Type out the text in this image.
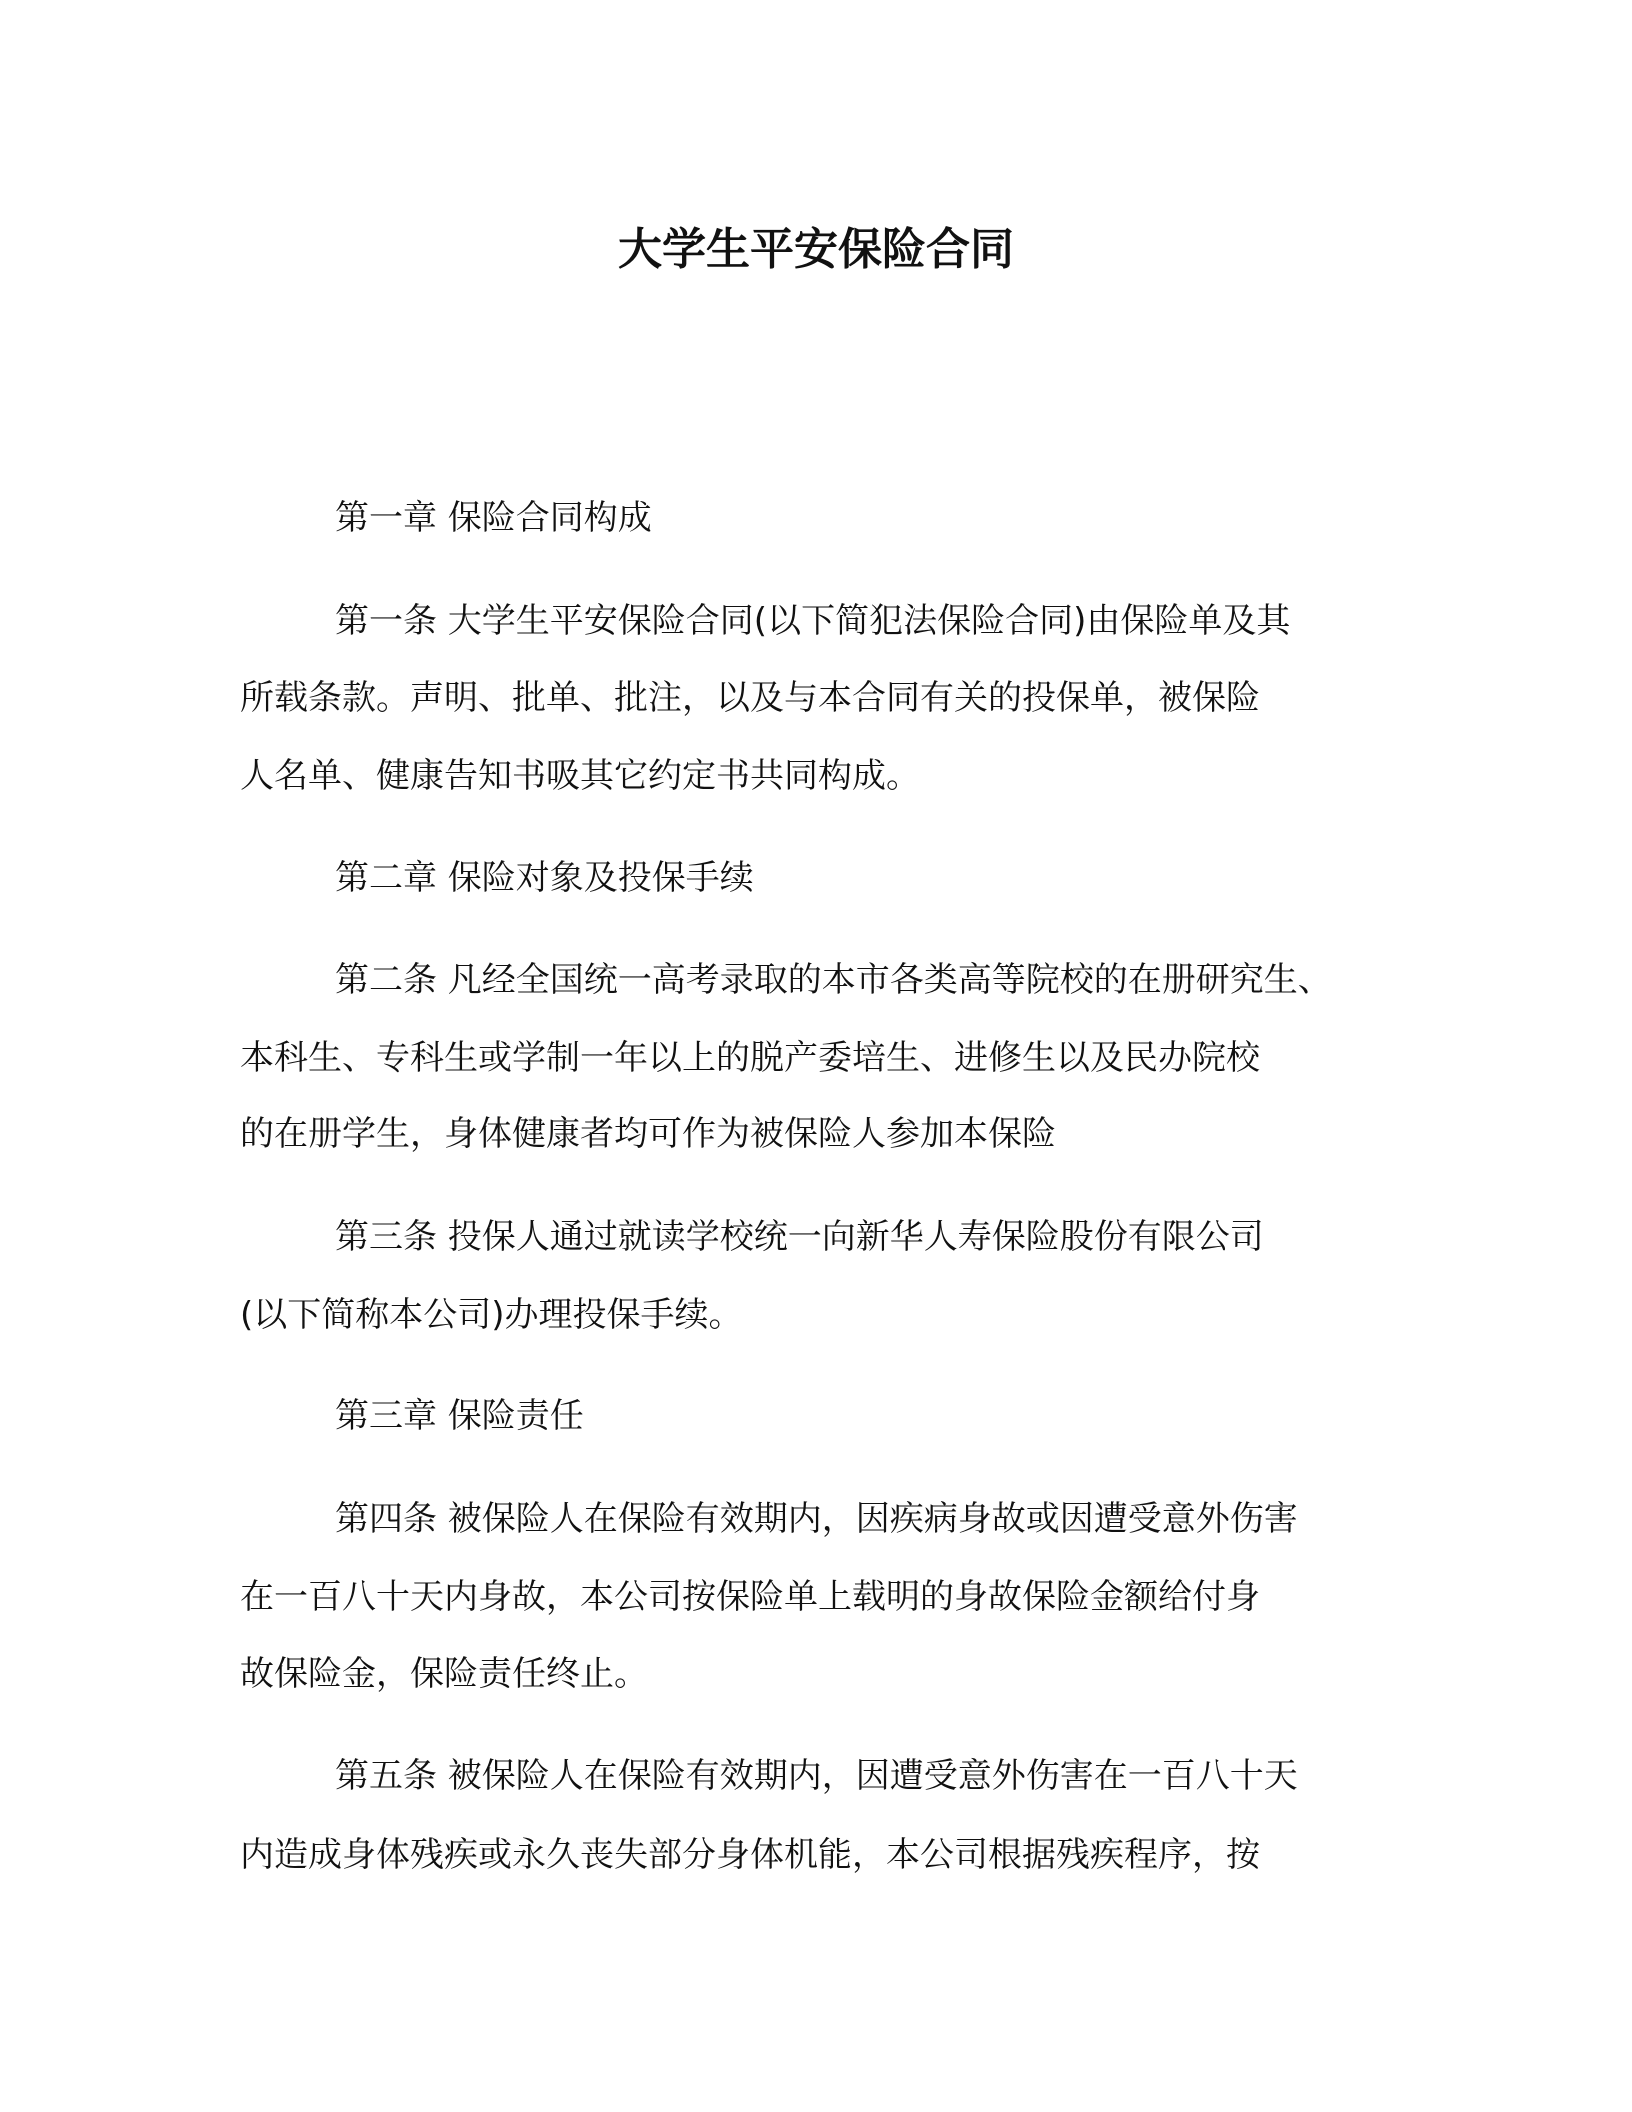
大学生平安保险合同
第一章 保险合同构成
第一条 大学生平安保险合同(以下简犯法保险合同)由保险单及其
所载条款。声明、批单、批注，以及与本合同有关的投保单，被保险
人名单、健康告知书吸其它约定书共同构成。
第二章 保险对象及投保手续
第二条 凡经全国统一高考录取的本市各类高等院校的在册研究生、
本科生、专科生或学制一年以上的脱产委培生、进修生以及民办院校
的在册学生，身体健康者均可作为被保险人参加本保险
第三条 投保人通过就读学校统一向新华人寿保险股份有限公司
(以下简称本公司)办理投保手续。
第三章 保险责任
第四条 被保险人在保险有效期内，因疾病身故或因遭受意外伤害
在一百八十天内身故，本公司按保险单上载明的身故保险金额给付身
故保险金，保险责任终止。
第五条 被保险人在保险有效期内，因遭受意外伤害在一百八十天
内造成身体残疾或永久丧失部分身体机能，本公司根据残疾程序，按
